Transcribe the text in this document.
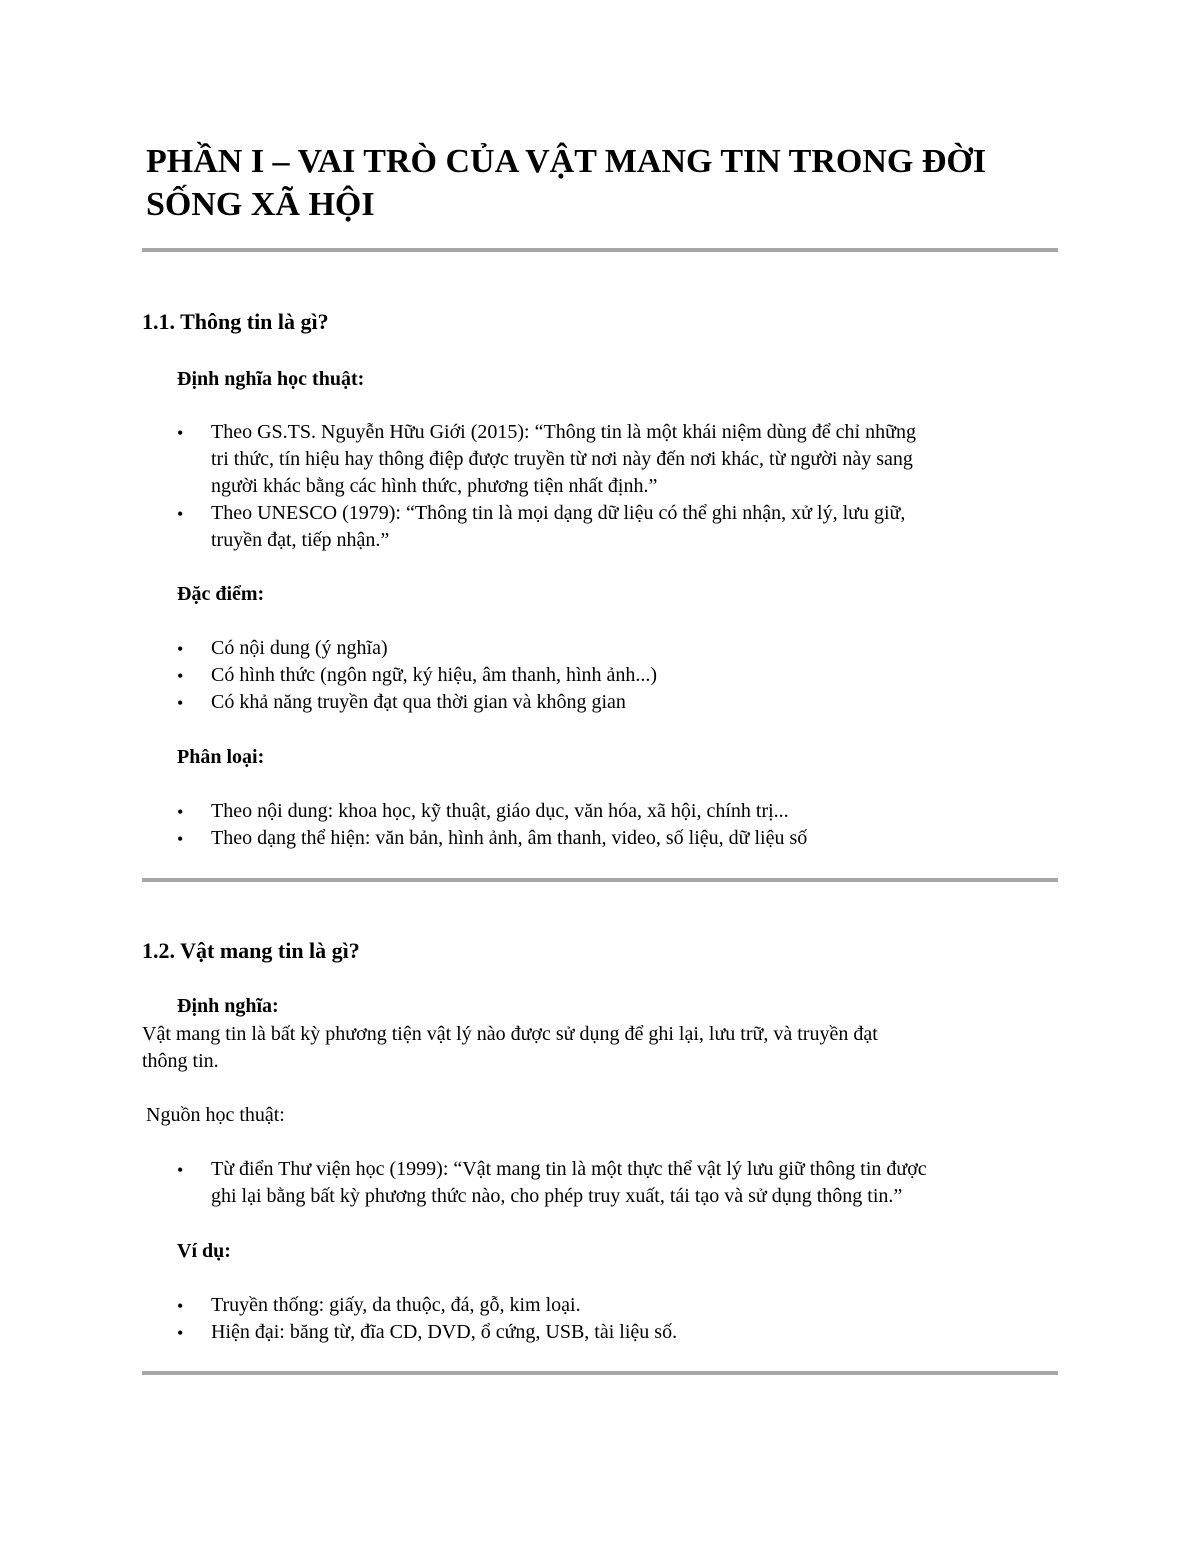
PHẦN I – VAI TRÒ CỦA VẬT MANG TIN TRONG ĐỜI
SỐNG XÃ HỘI
1.1. Thông tin là gì?

Định nghĩa học thuật:

• Theo GS.TS. Nguyễn Hữu Giới (2015): “Thông tin là một khái niệm dùng để chỉ những

tri thức, tín hiệu hay thông điệp được truyền từ nơi này đến nơi khác, từ người này sang

người khác bằng các hình thức, phương tiện nhất định.”

• Theo UNESCO (1979): “Thông tin là mọi dạng dữ liệu có thể ghi nhận, xử lý, lưu giữ,

truyền đạt, tiếp nhận.”

Đặc điểm:

• Có nội dung (ý nghĩa)

• Có hình thức (ngôn ngữ, ký hiệu, âm thanh, hình ảnh...)

• Có khả năng truyền đạt qua thời gian và không gian

Phân loại:

• Theo nội dung: khoa học, kỹ thuật, giáo dục, văn hóa, xã hội, chính trị...

• Theo dạng thể hiện: văn bản, hình ảnh, âm thanh, video, số liệu, dữ liệu số

1.2. Vật mang tin là gì?

Định nghĩa:

Vật mang tin là bất kỳ phương tiện vật lý nào được sử dụng để ghi lại, lưu trữ, và truyền đạt

thông tin.

Nguồn học thuật:

• Từ điển Thư viện học (1999): “Vật mang tin là một thực thể vật lý lưu giữ thông tin được

ghi lại bằng bất kỳ phương thức nào, cho phép truy xuất, tái tạo và sử dụng thông tin.”

Ví dụ:

• Truyền thống: giấy, da thuộc, đá, gỗ, kim loại.

• Hiện đại: băng từ, đĩa CD, DVD, ổ cứng, USB, tài liệu số.
